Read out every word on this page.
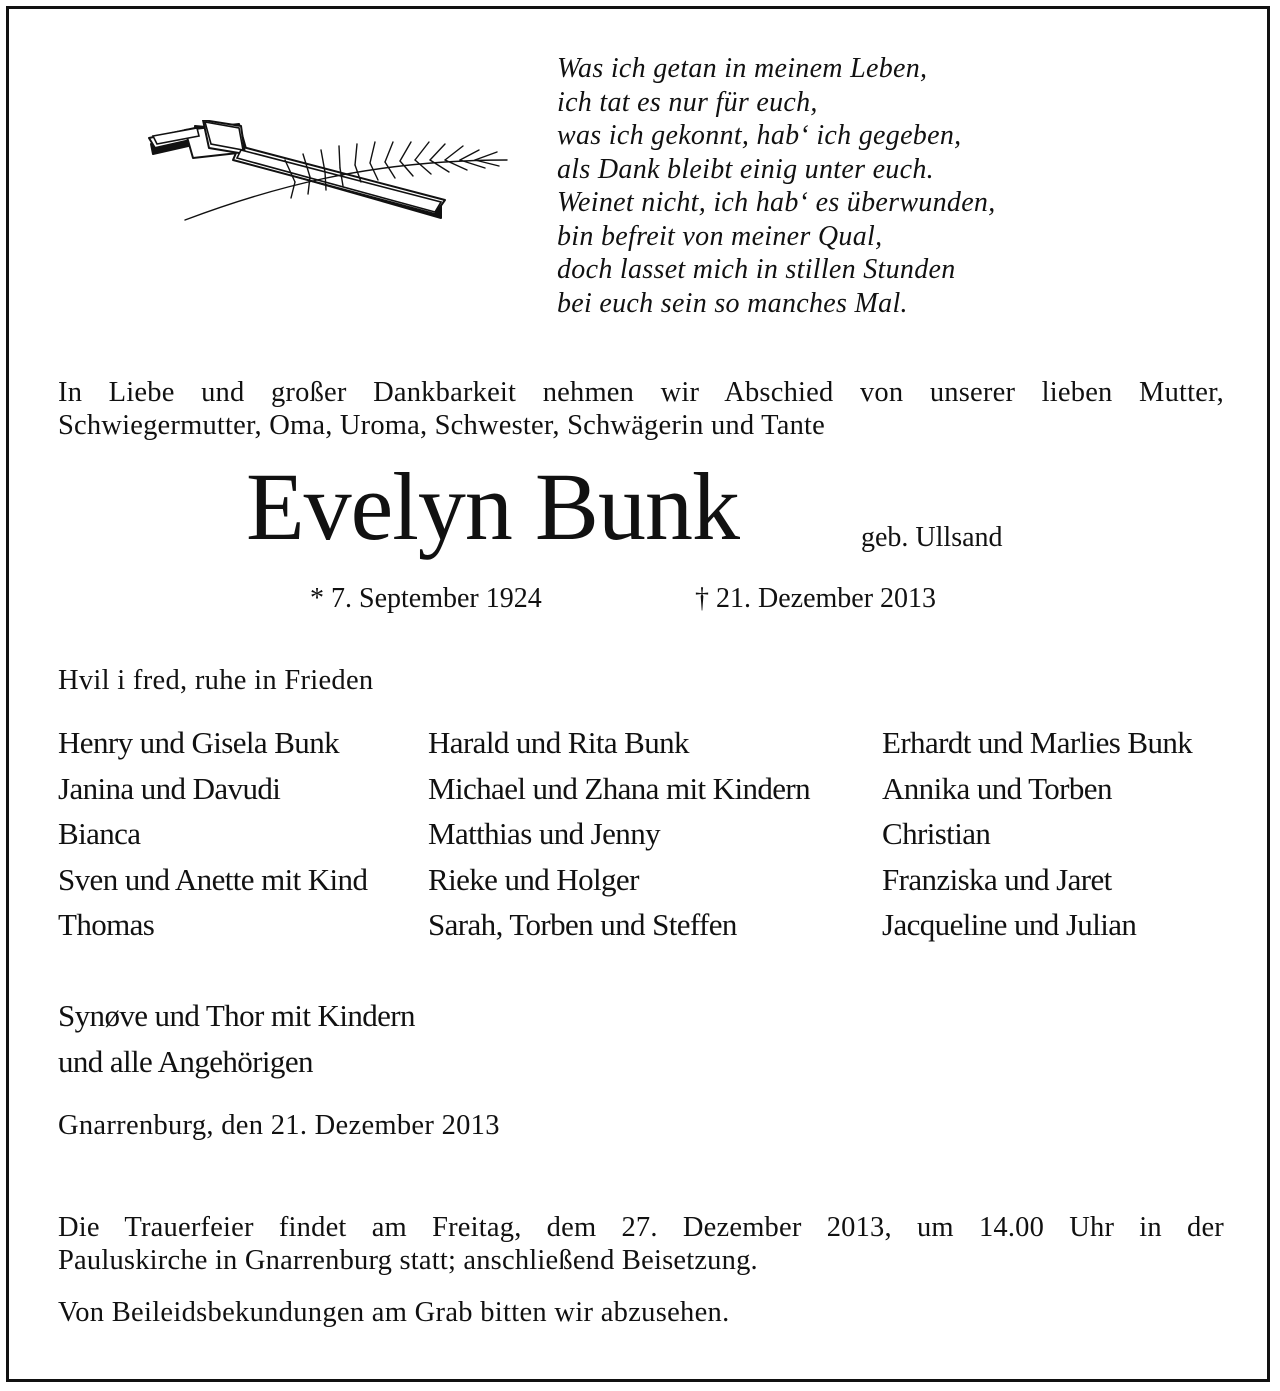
Was ich getan in meinem Leben,
ich tat es nur für euch,
was ich gekonnt, hab‘ ich gegeben,
als Dank bleibt einig unter euch.
Weinet nicht, ich hab‘ es überwunden,
bin befreit von meiner Qual,
doch lasset mich in stillen Stunden
bei euch sein so manches Mal.
In Liebe und großer Dankbarkeit nehmen wir Abschied von unserer lieben Mutter,
Schwiegermutter, Oma, Uroma, Schwester, Schwägerin und Tante
Evelyn Bunk	geb. Ullsand
* 7. September 1924	† 21. Dezember 2013
Hvil i fred, ruhe in Frieden
Henry und Gisela Bunk
Janina und Davudi
Bianca
Sven und Anette mit Kind
Thomas
Harald und Rita Bunk
Michael und Zhana mit Kindern
Matthias und Jenny
Rieke und Holger
Sarah, Torben und Steffen
Erhardt und Marlies Bunk
Annika und Torben
Christian
Franziska und Jaret
Jacqueline und Julian
Synøve und Thor mit Kindern
und alle Angehörigen
Gnarrenburg, den 21. Dezember 2013
Die Trauerfeier findet am Freitag, dem 27. Dezember 2013, um 14.00 Uhr in der
Pauluskirche in Gnarrenburg statt; anschließend Beisetzung.
Von Beileidsbekundungen am Grab bitten wir abzusehen.
